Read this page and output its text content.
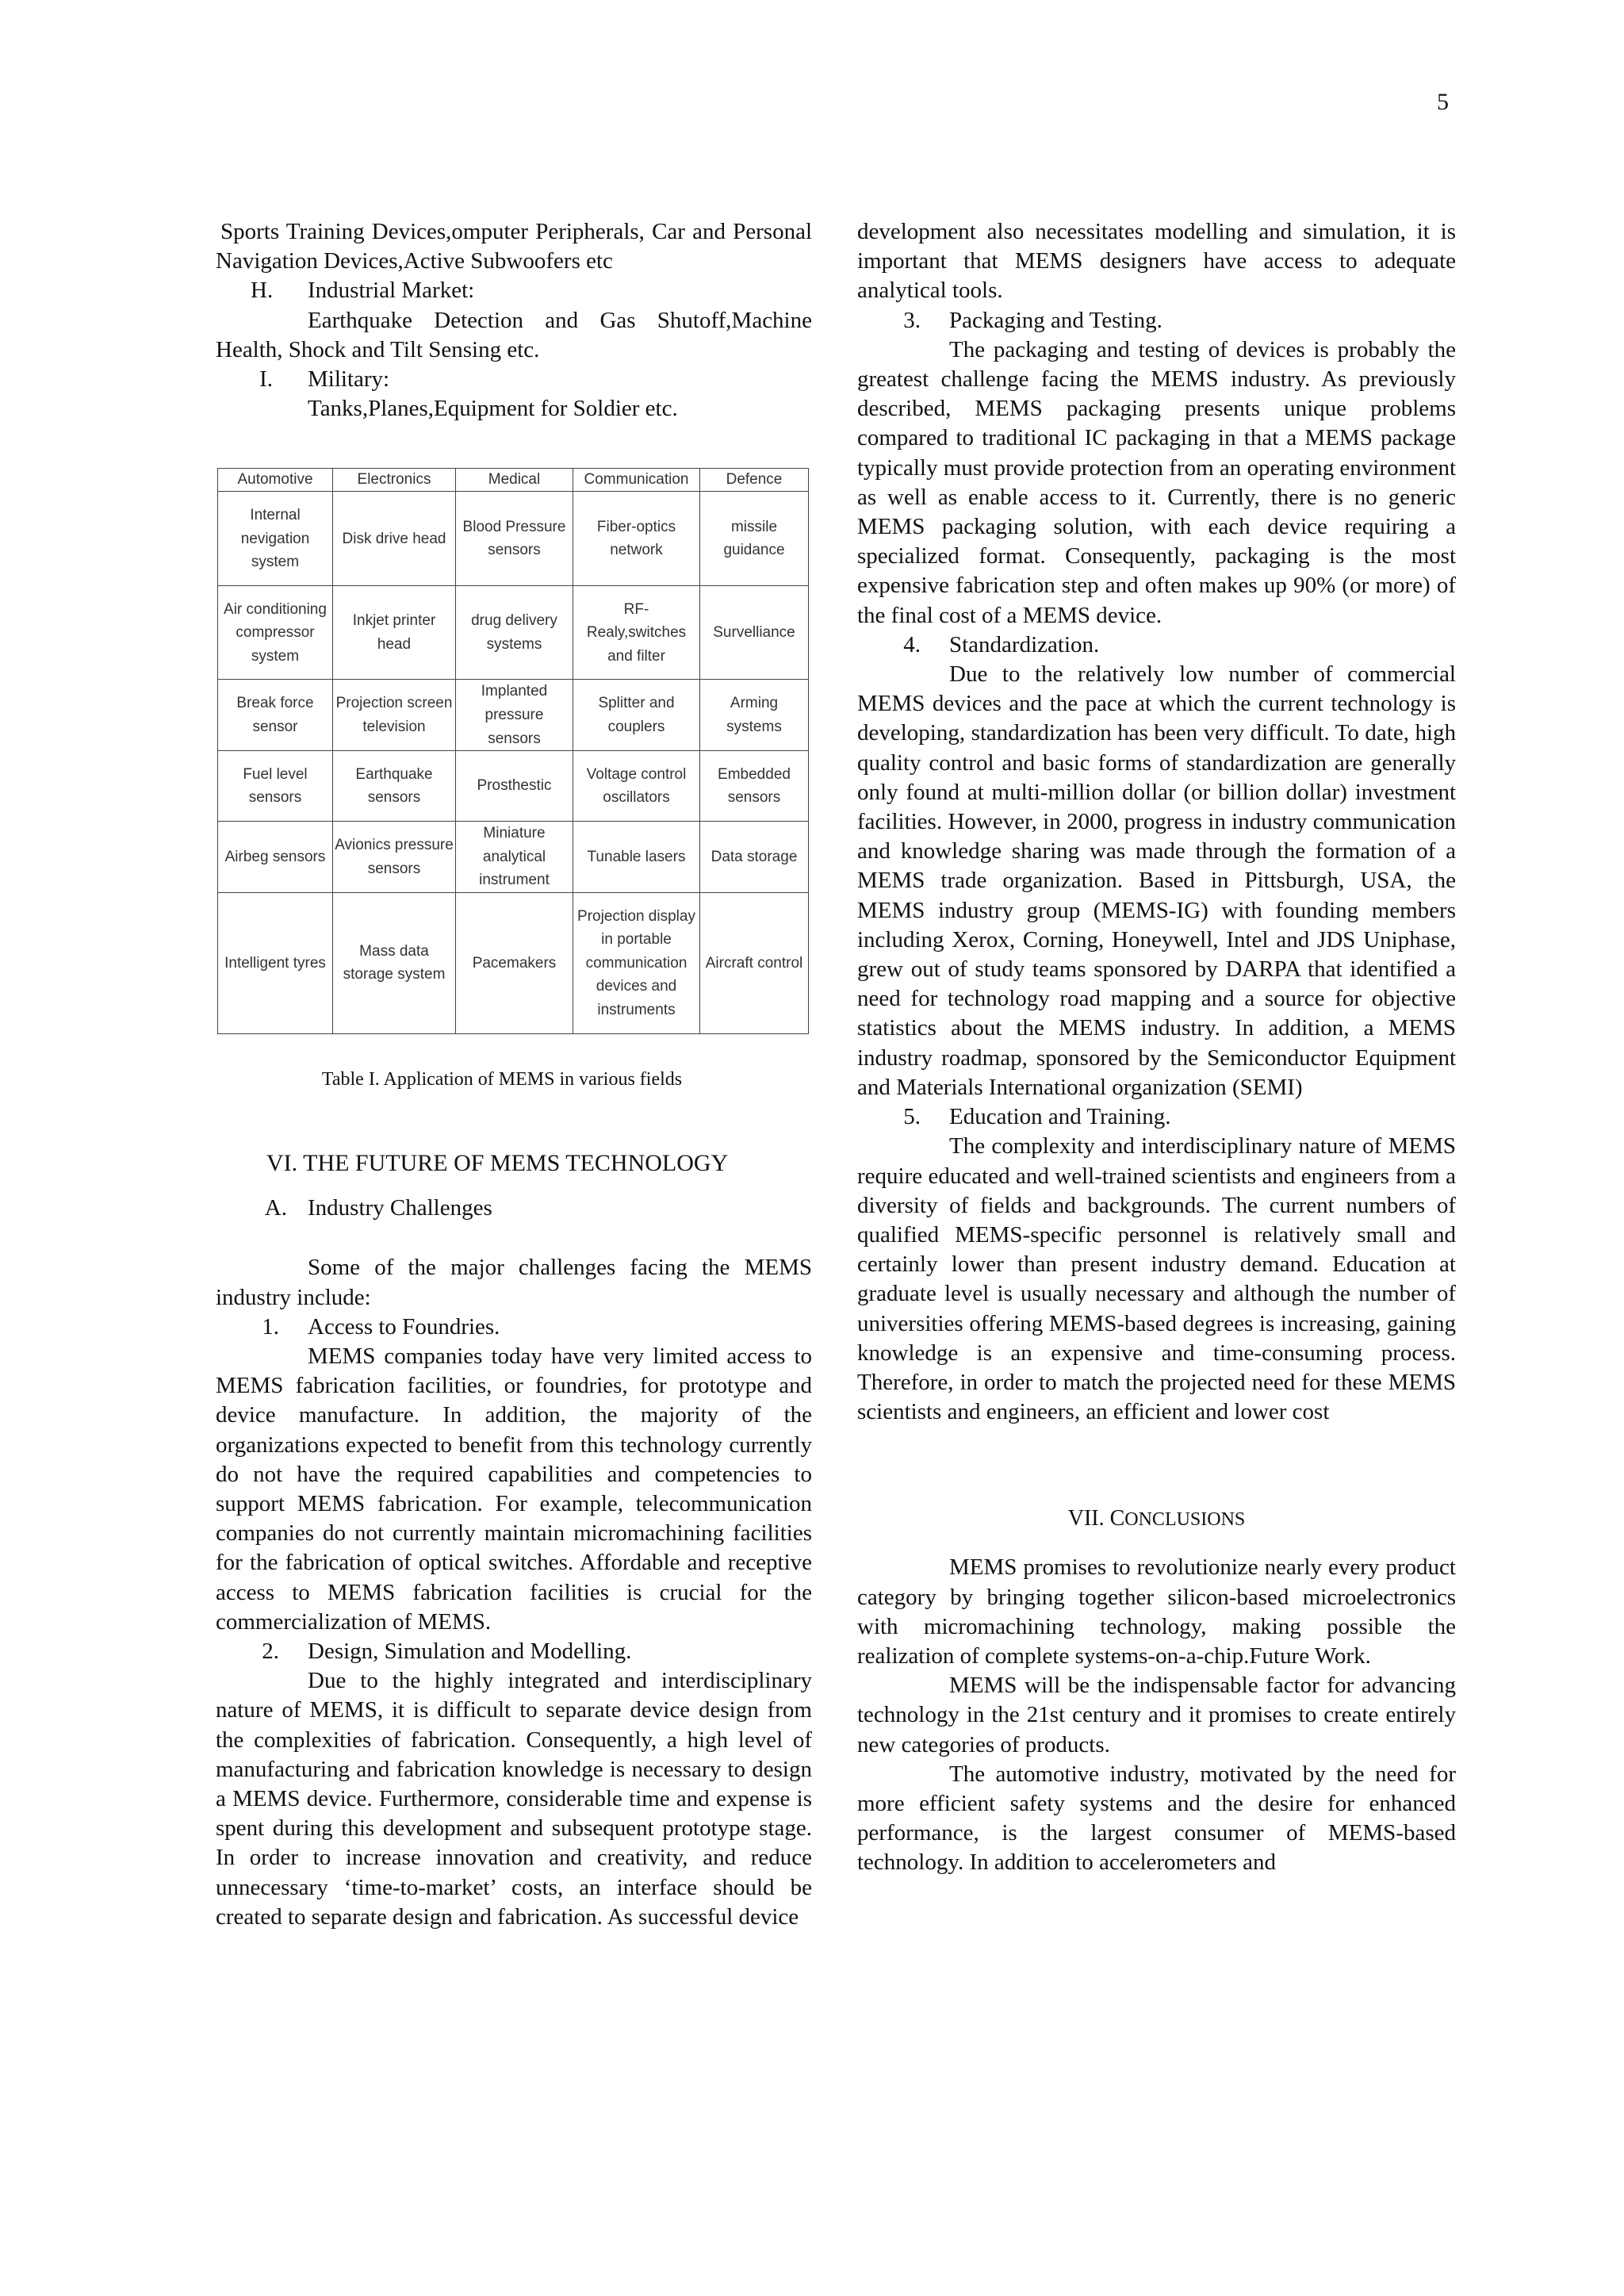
5

Sports Training Devices,omputer Peripherals, Car and Personal Navigation Devices,Active Subwoofers etc

H.	Industrial Market:

Earthquake Detection and Gas Shutoff,Machine Health, Shock and Tilt Sensing etc.

I.	Military:

Tanks,Planes,Equipment for Soldier etc.

Automotive	Electronics	Medical	Communication	Defence
Internal nevigation system	Disk drive head	Blood Pressure sensors	Fiber-optics network	missile guidance
Air conditioning compressor system	Inkjet printer head	drug delivery systems	RF-Realy,switches and filter	Survelliance
Break force sensor	Projection screen television	Implanted pressure sensors	Splitter and couplers	Arming systems
Fuel level sensors	Earthquake sensors	Prosthestic	Voltage control oscillators	Embedded sensors
Airbeg sensors	Avionics pressure sensors	Miniature analytical instrument	Tunable lasers	Data storage
Intelligent tyres	Mass data storage system	Pacemakers	Projection display in portable communication devices and instruments	Aircraft control
Table I. Application of MEMS in various fields
VI. THE FUTURE OF MEMS TECHNOLOGY
A. Industry Challenges

Some of the major challenges facing the MEMS industry include:

1.	Access to Foundries.

MEMS companies today have very limited access to MEMS fabrication facilities, or foundries, for prototype and device manufacture. In addition, the majority of the organizations expected to benefit from this technology currently do not have the required capabilities and competencies to support MEMS fabrication. For example, telecommunication companies do not currently maintain micromachining facilities for the fabrication of optical switches. Affordable and receptive access to MEMS fabrication facilities is crucial for the commercialization of MEMS.

2.	Design, Simulation and Modelling.

Due to the highly integrated and interdisciplinary nature of MEMS, it is difficult to separate device design from the complexities of fabrication. Consequently, a high level of manufacturing and fabrication knowledge is necessary to design a MEMS device. Furthermore, considerable time and expense is spent during this development and subsequent prototype stage. In order to increase innovation and creativity, and reduce unnecessary ‘time-to-market’ costs, an interface should be created to separate design and fabrication. As successful device

development also necessitates modelling and simulation, it is important that MEMS designers have access to adequate analytical tools.

3.	Packaging and Testing.

The packaging and testing of devices is probably the greatest challenge facing the MEMS industry. As previously described, MEMS packaging presents unique problems compared to traditional IC packaging in that a MEMS package typically must provide protection from an operating environment as well as enable access to it. Currently, there is no generic MEMS packaging solution, with each device requiring a specialized format. Consequently, packaging is the most expensive fabrication step and often makes up 90% (or more) of the final cost of a MEMS device.

4.	Standardization.

Due to the relatively low number of commercial MEMS devices and the pace at which the current technology is developing, standardization has been very difficult. To date, high quality control and basic forms of standardization are generally only found at multi-million dollar (or billion dollar) investment facilities. However, in 2000, progress in industry communication and knowledge sharing was made through the formation of a MEMS trade organization. Based in Pittsburgh, USA, the MEMS industry group (MEMS-IG) with founding members including Xerox, Corning, Honeywell, Intel and JDS Uniphase, grew out of study teams sponsored by DARPA that identified a need for technology road mapping and a source for objective statistics about the MEMS industry. In addition, a MEMS industry roadmap, sponsored by the Semiconductor Equipment and Materials International organization (SEMI)

5.	Education and Training.

The complexity and interdisciplinary nature of MEMS require educated and well-trained scientists and engineers from a diversity of fields and backgrounds. The current numbers of qualified MEMS-specific personnel is relatively small and certainly lower than present industry demand. Education at graduate level is usually necessary and although the number of universities offering MEMS-based degrees is increasing, gaining knowledge is an expensive and time-consuming process. Therefore, in order to match the projected need for these MEMS scientists and engineers, an efficient and lower cost

VII. CONCLUSIONS

MEMS promises to revolutionize nearly every product category by bringing together silicon-based microelectronics with micromachining technology, making possible the realization of complete systems-on-a-chip.Future Work.

MEMS will be the indispensable factor for advancing technology in the 21st century and it promises to create entirely new categories of products.

The automotive industry, motivated by the need for more efficient safety systems and the desire for enhanced performance, is the largest consumer of MEMS-based technology. In addition to accelerometers and
